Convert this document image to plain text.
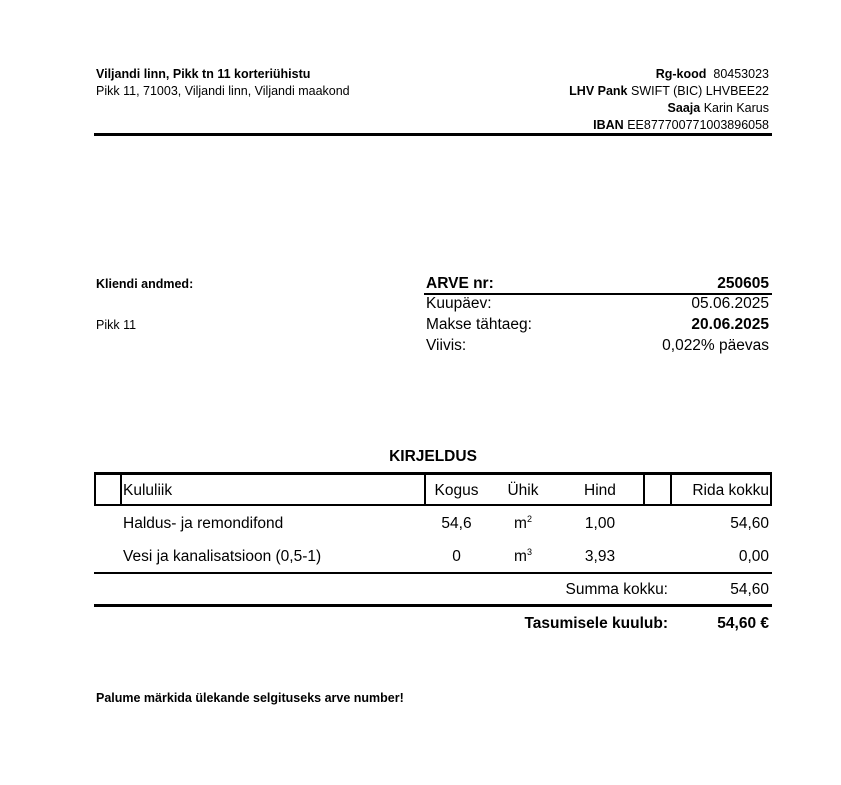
Viljandi linn, Pikk tn 11 korteriühistu
Pikk 11, 71003, Viljandi linn, Viljandi maakond
Rg-kood 80453023
LHV Pank SWIFT (BIC) LHVBEE22
Saaja Karin Karus
IBAN EE877700771003896058
Kliendi andmed:
Pikk 11
ARVE nr:	250605
Kuupäev:	05.06.2025
Makse tähtaeg:	20.06.2025
Viivis:	0,022% päevas
KIRJELDUS
Kululiik	Kogus	Ühik	Hind	Rida kokku
Haldus- ja remondifond	54,6	$m^2$	1,00	54,60
Vesi ja kanalisatsioon (0,5-1)	0	$m^3$	3,93	0,00
Summa kokku:	54,60
Tasumisele kuulub:	54,60 €
Palume märkida ülekande selgituseks arve number!
